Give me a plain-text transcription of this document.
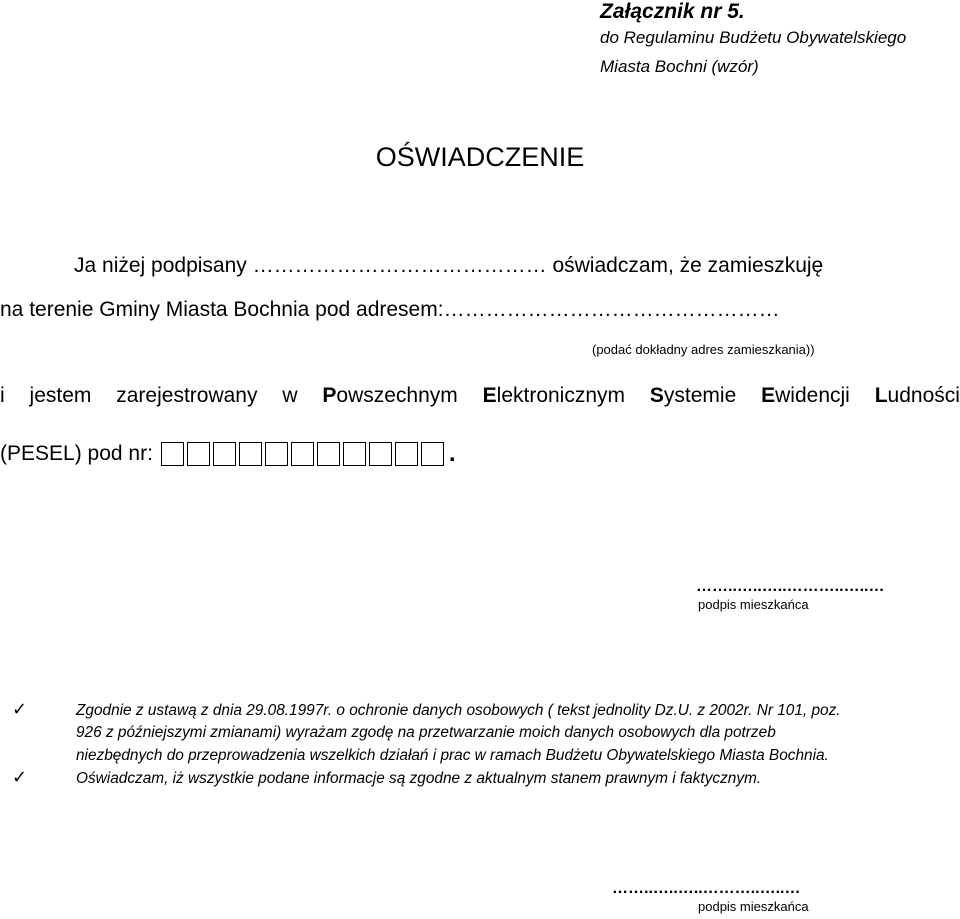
Załącznik nr 5.
do Regulaminu Budżetu Obywatelskiego
Miasta Bochni (wzór)
OŚWIADCZENIE
Ja niżej podpisany …………………………………… oświadczam, że zamieszkuję
na terenie Gminy Miasta Bochnia pod adresem:…………………………………………
(podać dokładny adres zamieszkania))
i jestem zarejestrowany w Powszechnym Elektronicznym Systemie Ewidencji Ludności
(PESEL) pod nr:	.
……..…..…..………..…..…
podpis mieszkańca
✓	Zgodnie z ustawą z dnia 29.08.1997r. o ochronie danych osobowych ( tekst jednolity Dz.U. z 2002r. Nr 101, poz.
926 z późniejszymi zmianami) wyrażam zgodę na przetwarzanie moich danych osobowych dla potrzeb
niezbędnych do przeprowadzenia wszelkich działań i prac w ramach Budżetu Obywatelskiego Miasta Bochnia.
✓	Oświadczam, iż wszystkie podane informacje są zgodne z aktualnym stanem prawnym i faktycznym.
……..…..…..………..…..…
podpis mieszkańca
